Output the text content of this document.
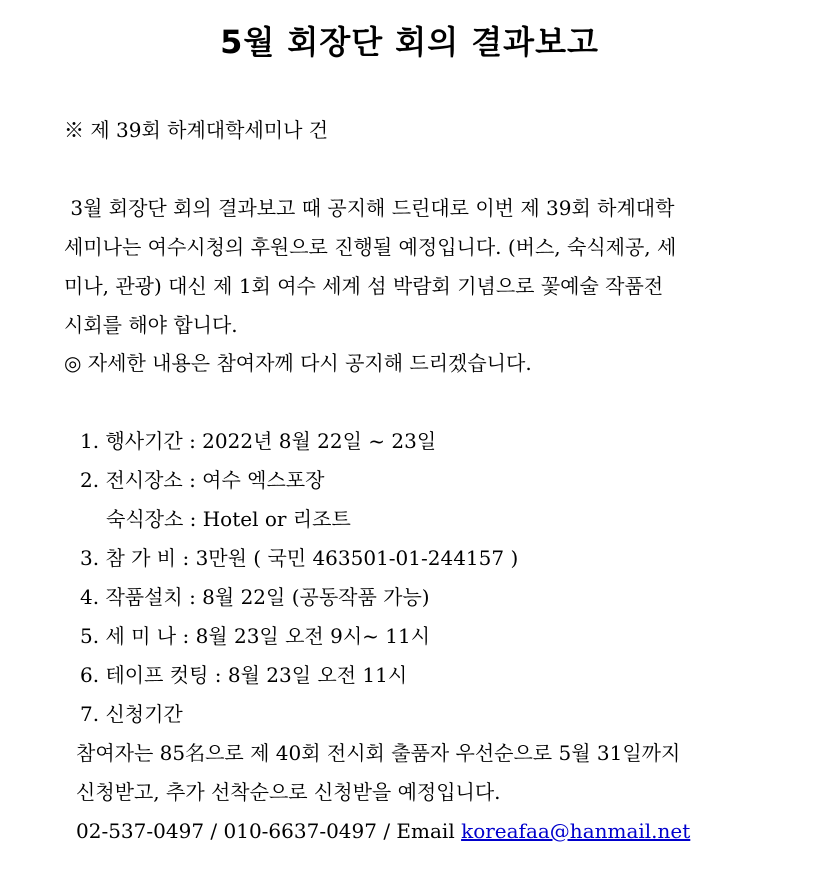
5월 회장단 회의 결과보고
※ 제 39회 하계대학세미나 건
3월 회장단 회의 결과보고 때 공지해 드린대로 이번 제 39회 하계대학
세미나는 여수시청의 후원으로 진행될 예정입니다. (버스, 숙식제공, 세
미나, 관광) 대신 제 1회 여수 세계 섬 박람회 기념으로 꽃예술 작품전
시회를 해야 합니다.
◎ 자세한 내용은 참여자께 다시 공지해 드리겠습니다.
1. 행사기간 : 2022년 8월 22일 ~ 23일
2. 전시장소 : 여수 엑스포장
숙식장소 : Hotel or 리조트
3. 참 가 비 : 3만원 ( 국민 463501-01-244157 )
4. 작품설치 : 8월 22일 (공동작품 가능)
5. 세 미 나 : 8월 23일 오전 9시~ 11시
6. 테이프 컷팅 : 8월 23일 오전 11시
7. 신청기간
참여자는 85名으로 제 40회 전시회 출품자 우선순으로 5월 31일까지
신청받고, 추가 선착순으로 신청받을 예정입니다.
02-537-0497 / 010-6637-0497 / Email koreafaa@hanmail.net
